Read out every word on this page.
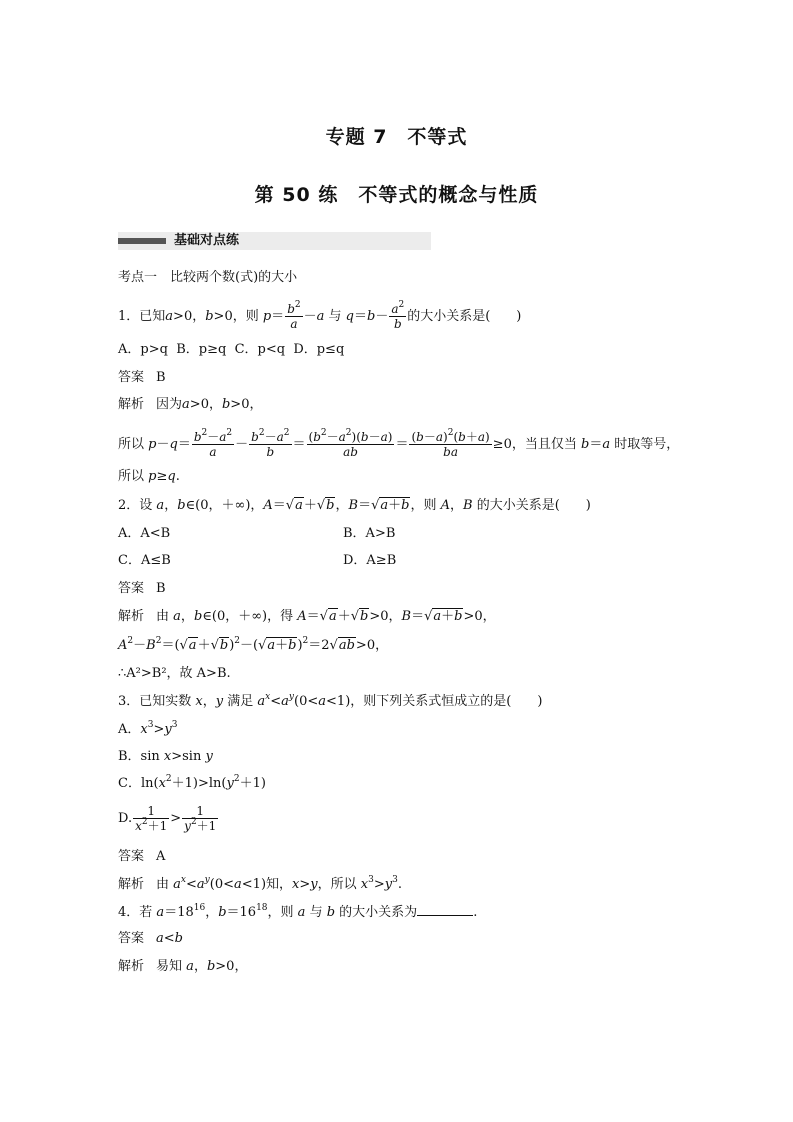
专题 7　不等式
第 50 练　不等式的概念与性质
基础对点练
考点一　比较两个数(式)的大小
1．已知a>0，b>0，则 $p= \frac{b^2}{a} -a$ 与 $q=b- \frac{a^2}{b}$ 的大小关系是(　　)
A．p>q B．p≥q C．p<q D．p≤q
答案 B
解析 因为a>0，b>0，
所以 $p-q= \frac{b^2-a^2}{a} - \frac{b^2-a^2}{b} = \frac{(b^2-a^2)(b-a)}{ab} = \frac{(b-a)^2(b+a)}{ba} \ge 0$，当且仅当 b＝a 时取等号，
所以 p≥q.
2．设 a，b∈(0，＋∞)，A＝√a＋√b，B＝√a＋b，则 A，B 的大小关系是(　　)
A．A<B	B．A>B
C．A≤B	D．A≥B
答案 B
解析 由 a，b∈(0，＋∞)，得 A＝√a＋√b>0，B＝√a＋b>0，
$A^2-B^2=(√a+√b)^2-(√a+b)^2=2√ab>0$，
∴A²>B²，故 A>B.
3．已知实数 x，y 满足 $a^x<a^y(0<a<1)$，则下列关系式恒成立的是(　　)
A．$x^3>y^3$
B．sin x>sin y
C．$\ln(x^2+1)>\ln(y^2+1)$
D. $\frac{1}{x^2+1} > \frac{1}{y^2+1}$
答案 A
解析 由 $a^x<a^y(0<a<1)$知，x>y，所以 $x^3>y^3$.
4．若 $a=18^{16}$，$b=16^{18}$，则 a 与 b 的大小关系为	.
答案 a<b
解析 易知 a，b>0，
